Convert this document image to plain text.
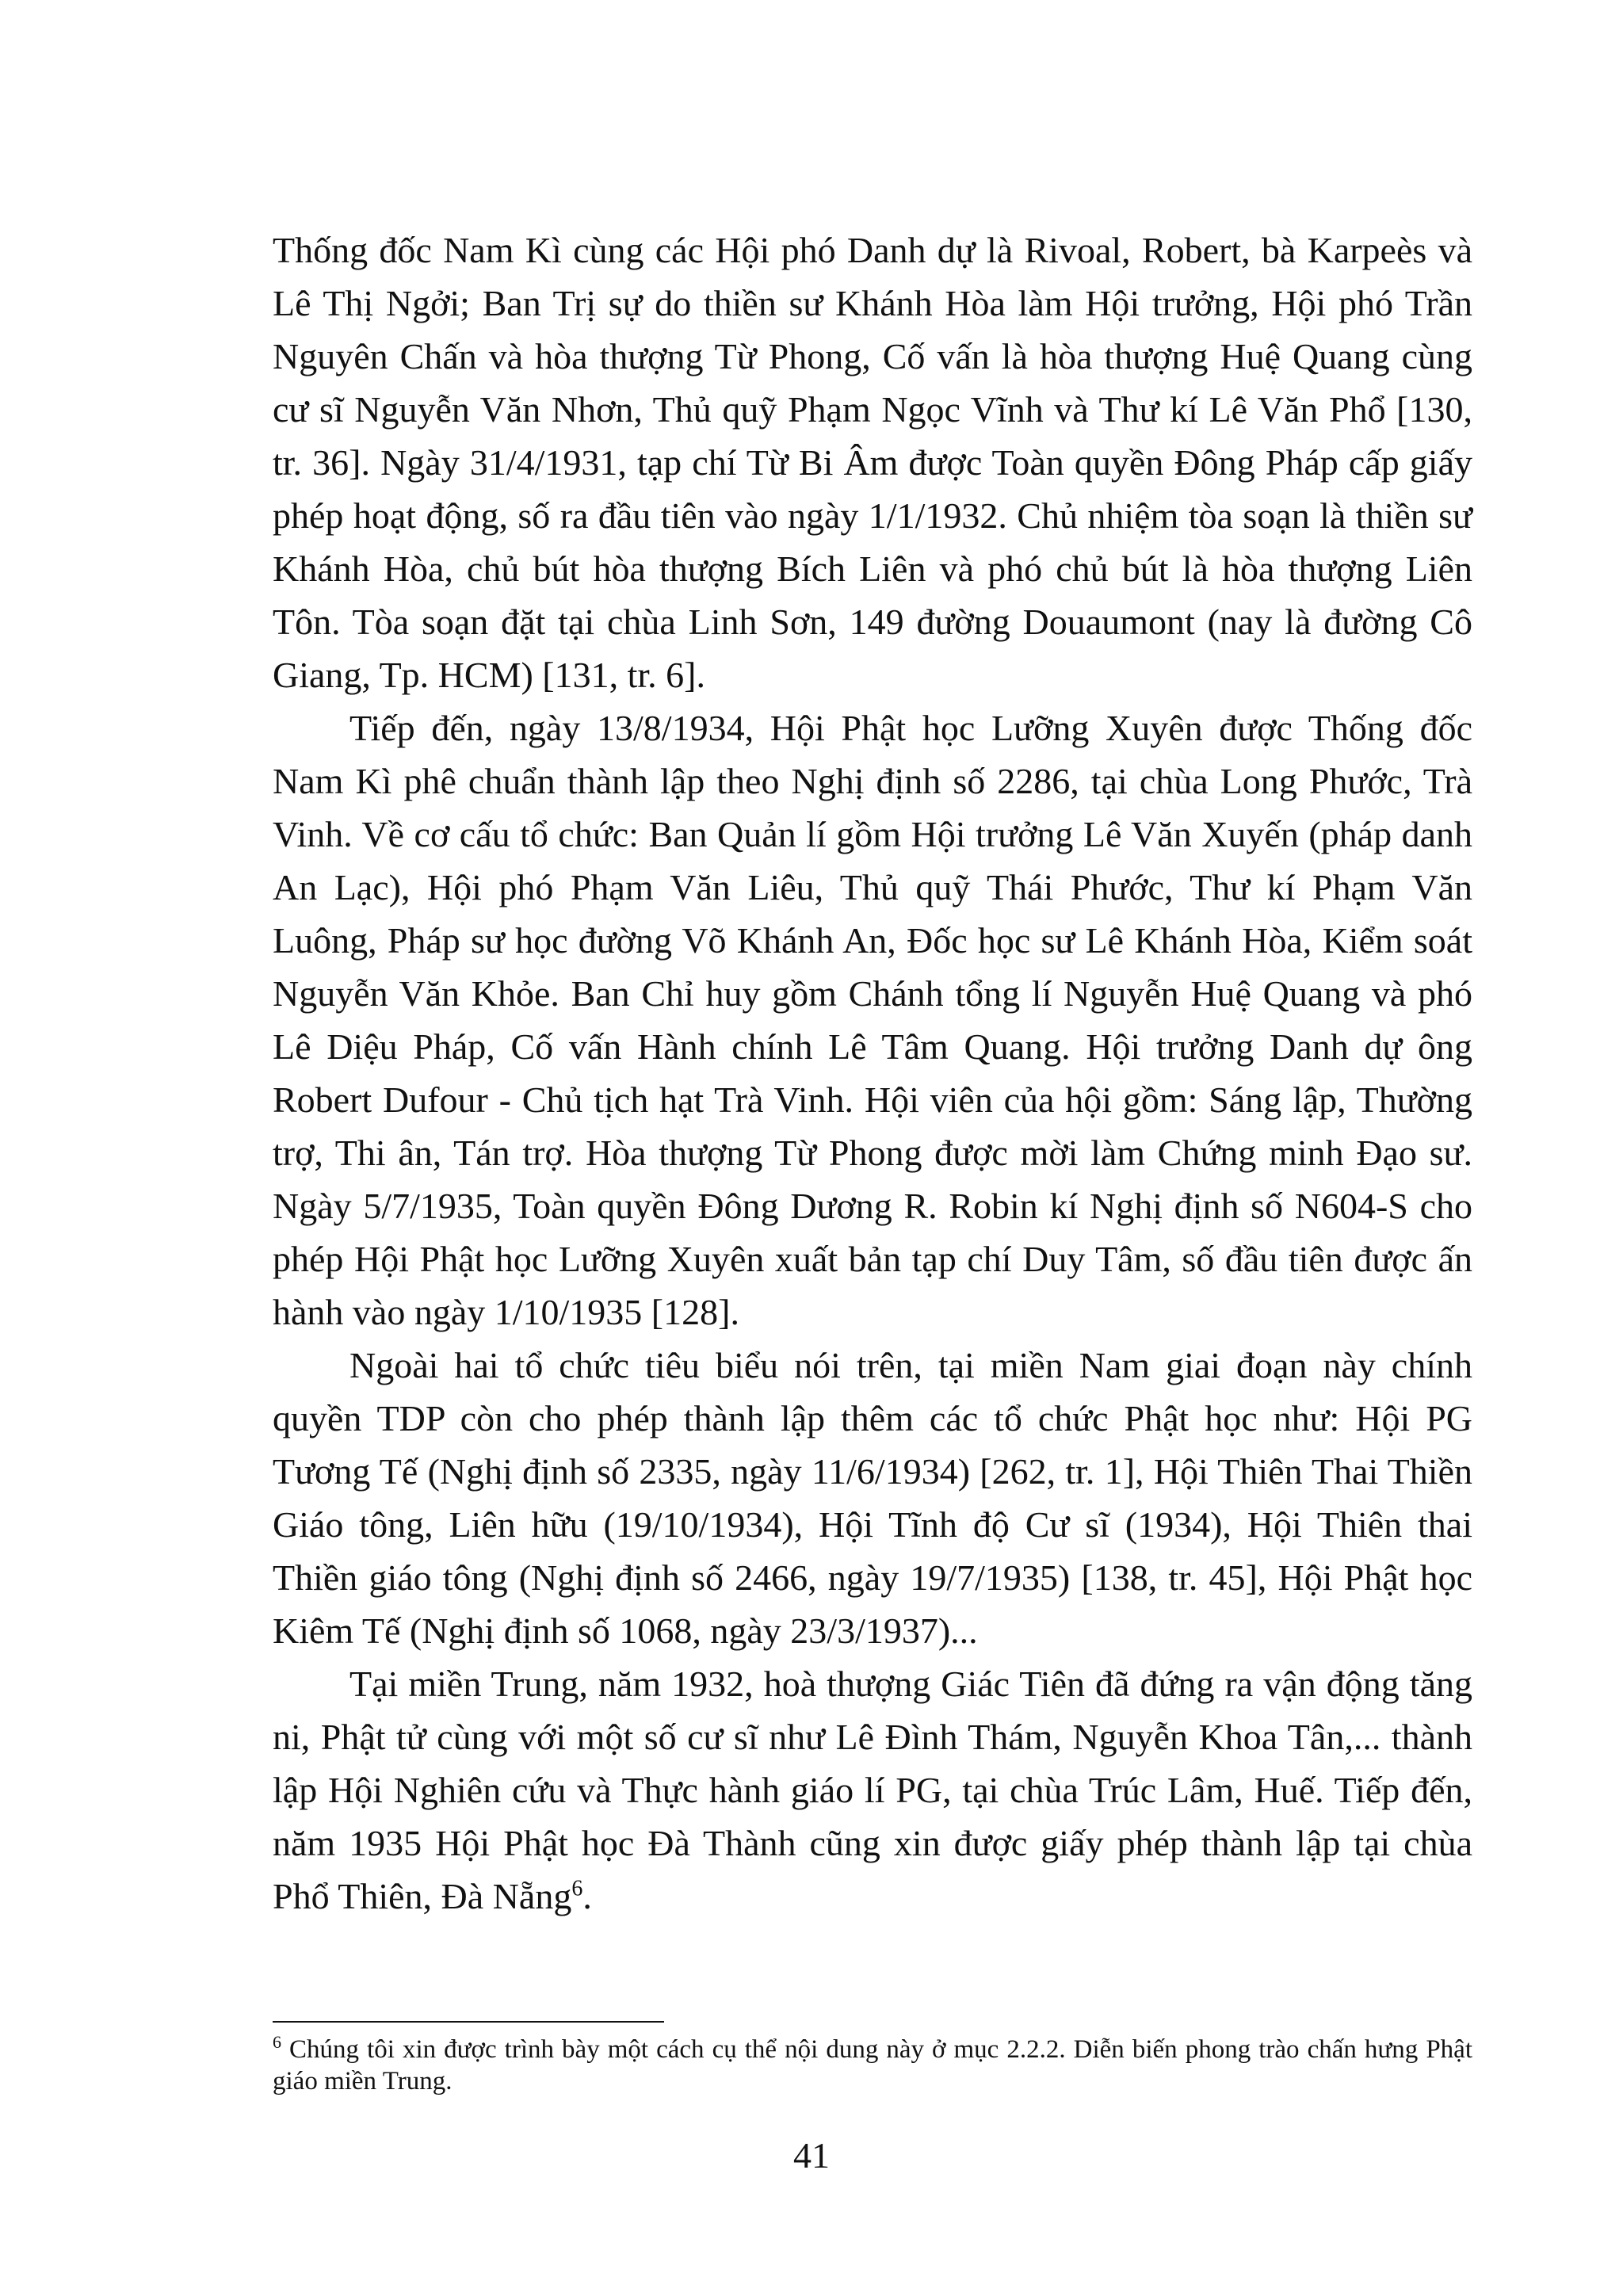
Thống đốc Nam Kì cùng các Hội phó Danh dự là Rivoal, Robert, bà Karpeès và Lê Thị Ngởi; Ban Trị sự do thiền sư Khánh Hòa làm Hội trưởng, Hội phó Trần Nguyên Chấn và hòa thượng Từ Phong, Cố vấn là hòa thượng Huệ Quang cùng cư sĩ Nguyễn Văn Nhơn, Thủ quỹ Phạm Ngọc Vĩnh và Thư kí Lê Văn Phổ [130, tr. 36]. Ngày 31/4/1931, tạp chí Từ Bi Âm được Toàn quyền Đông Pháp cấp giấy phép hoạt động, số ra đầu tiên vào ngày 1/1/1932. Chủ nhiệm tòa soạn là thiền sư Khánh Hòa, chủ bút hòa thượng Bích Liên và phó chủ bút là hòa thượng Liên Tôn. Tòa soạn đặt tại chùa Linh Sơn, 149 đường Douaumont (nay là đường Cô Giang, Tp. HCM) [131, tr. 6].

Tiếp đến, ngày 13/8/1934, Hội Phật học Lưỡng Xuyên được Thống đốc Nam Kì phê chuẩn thành lập theo Nghị định số 2286, tại chùa Long Phước, Trà Vinh. Về cơ cấu tổ chức: Ban Quản lí gồm Hội trưởng Lê Văn Xuyến (pháp danh An Lạc), Hội phó Phạm Văn Liêu, Thủ quỹ Thái Phước, Thư kí Phạm Văn Luông, Pháp sư học đường Võ Khánh An, Đốc học sư Lê Khánh Hòa, Kiểm soát Nguyễn Văn Khỏe. Ban Chỉ huy gồm Chánh tổng lí Nguyễn Huệ Quang và phó Lê Diệu Pháp, Cố vấn Hành chính Lê Tâm Quang. Hội trưởng Danh dự ông Robert Dufour - Chủ tịch hạt Trà Vinh. Hội viên của hội gồm: Sáng lập, Thường trợ, Thi ân, Tán trợ. Hòa thượng Từ Phong được mời làm Chứng minh Đạo sư. Ngày 5/7/1935, Toàn quyền Đông Dương R. Robin kí Nghị định số N604-S cho phép Hội Phật học Lưỡng Xuyên xuất bản tạp chí Duy Tâm, số đầu tiên được ấn hành vào ngày 1/10/1935 [128].

Ngoài hai tổ chức tiêu biểu nói trên, tại miền Nam giai đoạn này chính quyền TDP còn cho phép thành lập thêm các tổ chức Phật học như: Hội PG Tương Tế (Nghị định số 2335, ngày 11/6/1934) [262, tr. 1], Hội Thiên Thai Thiền Giáo tông, Liên hữu (19/10/1934), Hội Tĩnh độ Cư sĩ (1934), Hội Thiên thai Thiền giáo tông (Nghị định số 2466, ngày 19/7/1935) [138, tr. 45], Hội Phật học Kiêm Tế (Nghị định số 1068, ngày 23/3/1937)...

Tại miền Trung, năm 1932, hoà thượng Giác Tiên đã đứng ra vận động tăng ni, Phật tử cùng với một số cư sĩ như Lê Đình Thám, Nguyễn Khoa Tân,... thành lập Hội Nghiên cứu và Thực hành giáo lí PG, tại chùa Trúc Lâm, Huế. Tiếp đến, năm 1935 Hội Phật học Đà Thành cũng xin được giấy phép thành lập tại chùa Phổ Thiên, Đà Nẵng$^6$.

$^6$ Chúng tôi xin được trình bày một cách cụ thể nội dung này ở mục 2.2.2. Diễn biến phong trào chấn hưng Phật giáo miền Trung.

41
